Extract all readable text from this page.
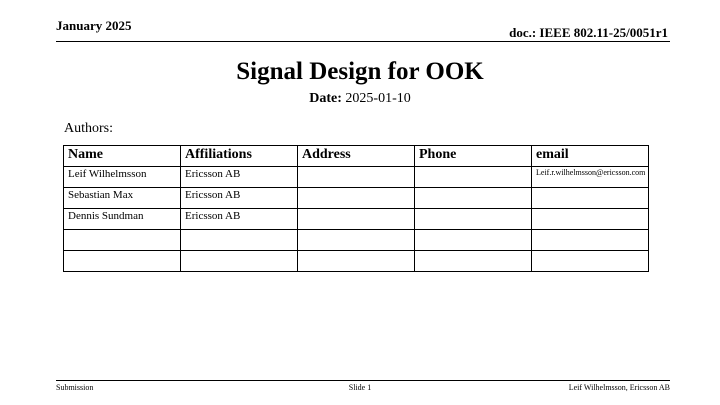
January 2025	doc.: IEEE 802.11-25/0051r1
Signal Design for OOK
Date: 2025-01-10
Authors:
Name	Affiliations	Address	Phone	email
Leif Wilhelmsson	Ericsson AB			Leif.r.wilhelmsson@ericsson.com
Sebastian Max	Ericsson AB			
Dennis Sundman	Ericsson AB			

Submission	Slide 1	Leif Wilhelmsson, Ericsson AB
